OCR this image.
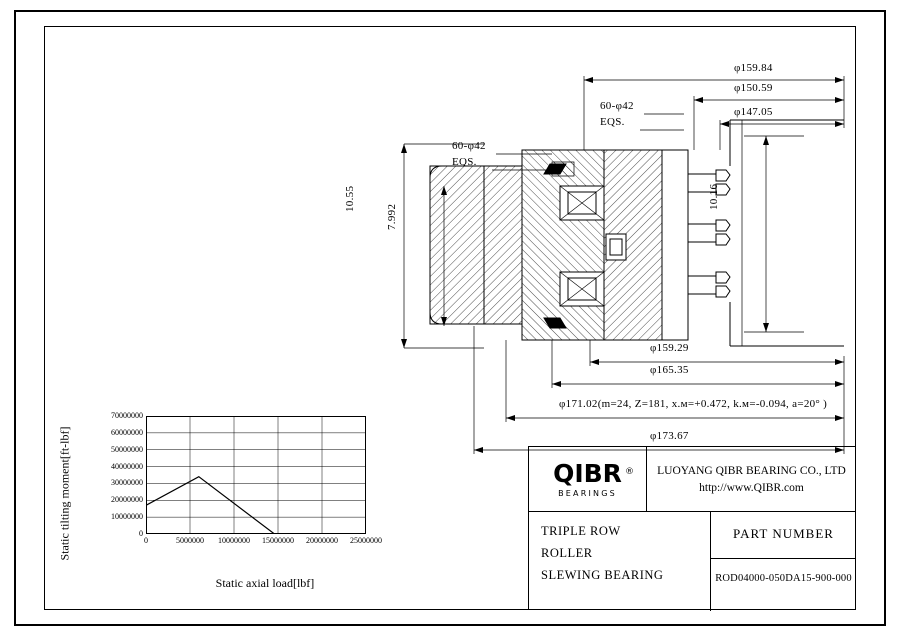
φ159.84
φ150.59
φ147.05
φ159.29
φ165.35
φ171.02(m=24, Z=181, x.м=+0.472, k.м=-0.094, a=20° )
φ173.67
10.55
7.992
10.16
60-φ42
EQS.
60-φ42
EQS.
Static tilting moment[ft-lbf]
70000000
60000000
50000000
40000000
30000000
20000000
10000000
0
0	5000000 10000000 15000000 20000000 25000000
Static axial load[lbf]
QIBR ®
BEARINGS
LUOYANG QIBR BEARING CO., LTD
http://www.QIBR.com
TRIPLE ROW
ROLLER
SLEWING BEARING
PART NUMBER
ROD04000-050DA15-900-000
